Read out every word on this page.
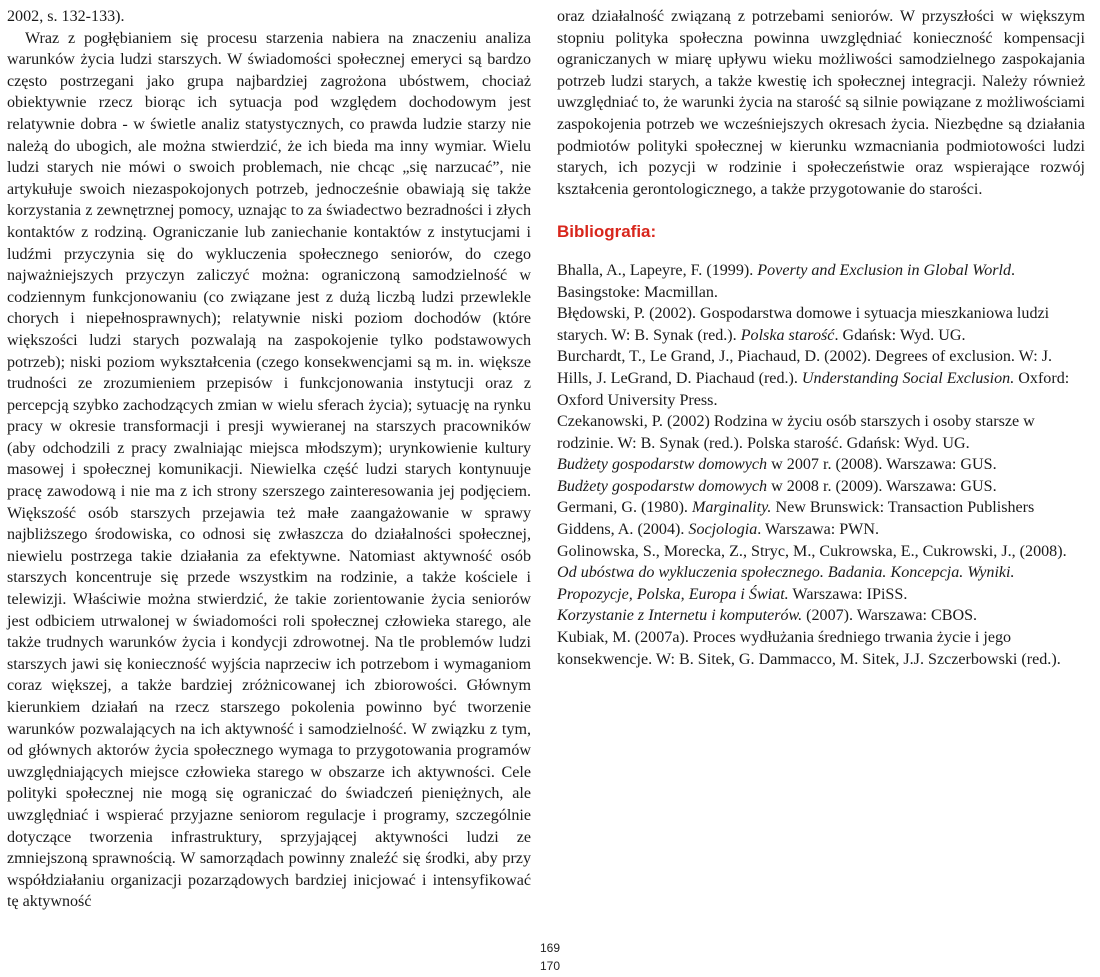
2002, s. 132-133).

Wraz z pogłębianiem się procesu starzenia nabiera na znaczeniu analiza warunków życia ludzi starszych. W świadomości społecznej emeryci są bardzo często postrzegani jako grupa najbardziej zagrożona ubóstwem, chociaż obiektywnie rzecz biorąc ich sytuacja pod względem dochodowym jest relatywnie dobra - w świetle analiz statystycznych, co prawda ludzie starzy nie należą do ubogich, ale można stwierdzić, że ich bieda ma inny wymiar. Wielu ludzi starych nie mówi o swoich problemach, nie chcąc „się narzucać”, nie artykułuje swoich niezaspokojonych potrzeb, jednocześnie obawiają się także korzystania z zewnętrznej pomocy, uznając to za świadectwo bezradności i złych kontaktów z rodziną. Ograniczanie lub zaniechanie kontaktów z instytucjami i ludźmi przyczynia się do wykluczenia społecznego seniorów, do czego najważniejszych przyczyn zaliczyć można: ograniczoną samodzielność w codziennym funkcjonowaniu (co związane jest z dużą liczbą ludzi przewlekle chorych i niepełnosprawnych); relatywnie niski poziom dochodów (które większości ludzi starych pozwalają na zaspokojenie tylko podstawowych potrzeb); niski poziom wykształcenia (czego konsekwencjami są m. in. większe trudności ze zrozumieniem przepisów i funkcjonowania instytucji oraz z percepcją szybko zachodzących zmian w wielu sferach życia); sytuację na rynku pracy w okresie transformacji i presji wywieranej na starszych pracowników (aby odchodzili z pracy zwalniając miejsca młodszym); urynkowienie kultury masowej i społecznej komunikacji. Niewielka część ludzi starych kontynuuje pracę zawodową i nie ma z ich strony szerszego zainteresowania jej podjęciem. Większość osób starszych przejawia też małe zaangażowanie w sprawy najbliższego środowiska, co odnosi się zwłaszcza do działalności społecznej, niewielu postrzega takie działania za efektywne. Natomiast aktywność osób starszych koncentruje się przede wszystkim na rodzinie, a także kościele i telewizji. Właściwie można stwierdzić, że takie zorientowanie życia seniorów jest odbiciem utrwalonej w świadomości roli społecznej człowieka starego, ale także trudnych warunków życia i kondycji zdrowotnej. Na tle problemów ludzi starszych jawi się konieczność wyjścia naprzeciw ich potrzebom i wymaganiom coraz większej, a także bardziej zróżnicowanej ich zbiorowości. Głównym kierunkiem działań na rzecz starszego pokolenia powinno być tworzenie warunków pozwalających na ich aktywność i samodzielność. W związku z tym, od głównych aktorów życia społecznego wymaga to przygotowania programów uwzględniających miejsce człowieka starego w obszarze ich aktywności. Cele polityki społecznej nie mogą się ograniczać do świadczeń pieniężnych, ale uwzględniać i wspierać przyjazne seniorom regulacje i programy, szczególnie dotyczące tworzenia infrastruktury, sprzyjającej aktywności ludzi ze zmniejszoną sprawnością. W samorządach powinny znaleźć się środki, aby przy współdziałaniu organizacji pozarządowych bardziej inicjować i intensyfikować tę aktywność

oraz działalność związaną z potrzebami seniorów. W przyszłości w większym stopniu polityka społeczna powinna uwzględniać konieczność kompensacji ograniczanych w miarę upływu wieku możliwości samodzielnego zaspokajania potrzeb ludzi starych, a także kwestię ich społecznej integracji. Należy również uwzględniać to, że warunki życia na starość są silnie powiązane z możliwościami zaspokojenia potrzeb we wcześniejszych okresach życia. Niezbędne są działania podmiotów polityki społecznej w kierunku wzmacniania podmiotowości ludzi starych, ich pozycji w rodzinie i społeczeństwie oraz wspierające rozwój kształcenia gerontologicznego, a także przygotowanie do starości.

Bibliografia:

Bhalla, A., Lapeyre, F. (1999). Poverty and Exclusion in Global World. Basingstoke: Macmillan.

Błędowski, P. (2002). Gospodarstwa domowe i sytuacja mieszkaniowa ludzi starych. W: B. Synak (red.). Polska starość. Gdańsk: Wyd. UG.

Burchardt, T., Le Grand, J., Piachaud, D. (2002). Degrees of exclusion. W: J. Hills, J. LeGrand, D. Piachaud (red.). Understanding Social Exclusion. Oxford: Oxford University Press.

Czekanowski, P. (2002) Rodzina w życiu osób starszych i osoby starsze w rodzinie. W: B. Synak (red.). Polska starość. Gdańsk: Wyd. UG.

Budżety gospodarstw domowych w 2007 r. (2008). Warszawa: GUS.

Budżety gospodarstw domowych w 2008 r. (2009). Warszawa: GUS.

Germani, G. (1980). Marginality. New Brunswick: Transaction Publishers

Giddens, A. (2004). Socjologia. Warszawa: PWN.

Golinowska, S., Morecka, Z., Stryc, M., Cukrowska, E., Cukrowski, J., (2008). Od ubóstwa do wykluczenia społecznego. Badania. Koncepcja. Wyniki. Propozycje, Polska, Europa i Świat. Warszawa: IPiSS.

Korzystanie z Internetu i komputerów. (2007). Warszawa: CBOS.

Kubiak, M. (2007a). Proces wydłużania średniego trwania życie i jego konsekwencje. W: B. Sitek, G. Dammacco, M. Sitek, J.J. Szczerbowski (red.).

169
170
